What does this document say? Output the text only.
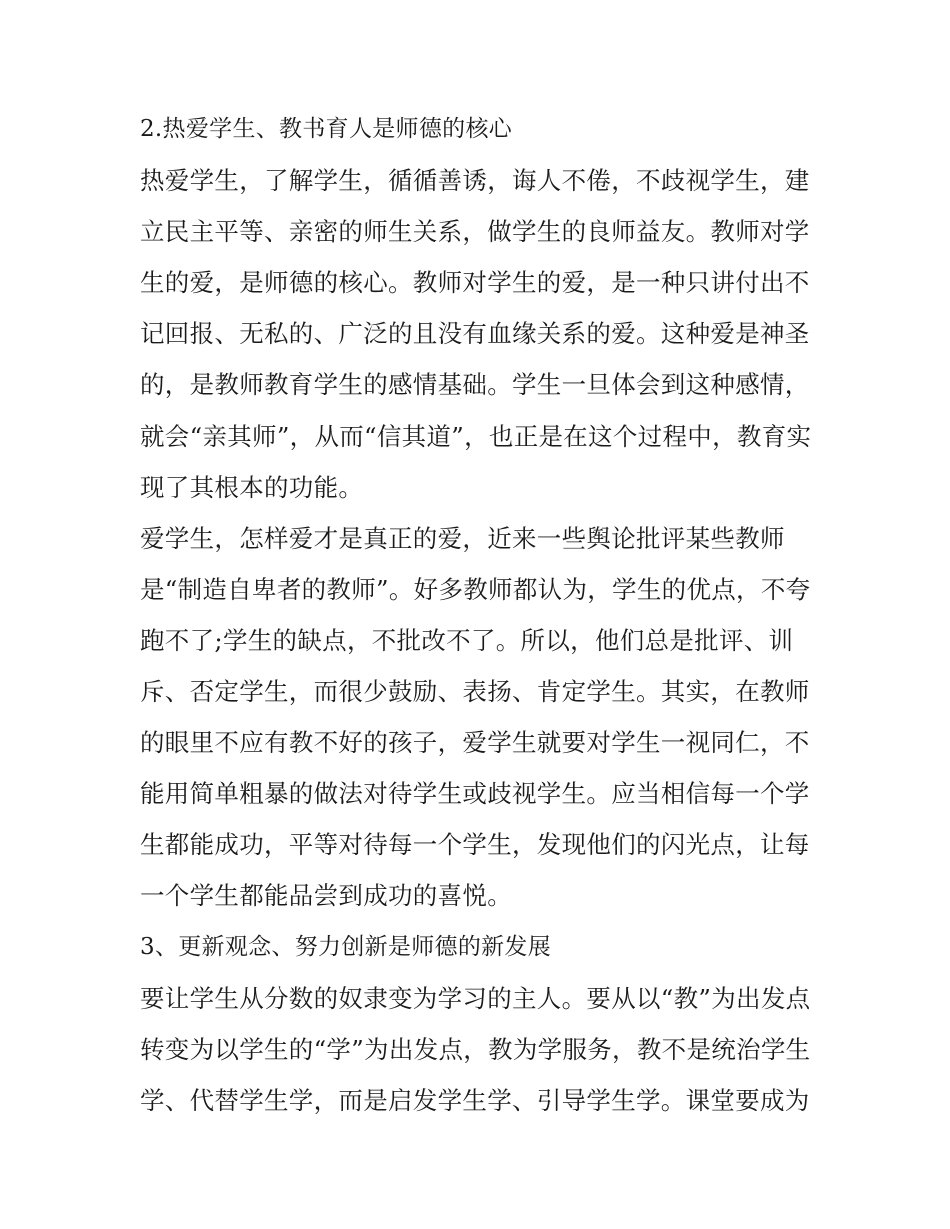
2.热爱学生、教书育人是师德的核心
热爱学生，了解学生，循循善诱，诲人不倦，不歧视学生，建
立民主平等、亲密的师生关系，做学生的良师益友。教师对学
生的爱，是师德的核心。教师对学生的爱，是一种只讲付出不
记回报、无私的、广泛的且没有血缘关系的爱。这种爱是神圣
的，是教师教育学生的感情基础。学生一旦体会到这种感情，
就会“亲其师”，从而“信其道”，也正是在这个过程中，教育实
现了其根本的功能。
爱学生，怎样爱才是真正的爱，近来一些舆论批评某些教师
是“制造自卑者的教师”。好多教师都认为，学生的优点，不夸
跑不了;学生的缺点，不批改不了。所以，他们总是批评、训
斥、否定学生，而很少鼓励、表扬、肯定学生。其实，在教师
的眼里不应有教不好的孩子，爱学生就要对学生一视同仁，不
能用简单粗暴的做法对待学生或歧视学生。应当相信每一个学
生都能成功，平等对待每一个学生，发现他们的闪光点，让每
一个学生都能品尝到成功的喜悦。
3、更新观念、努力创新是师德的新发展
要让学生从分数的奴隶变为学习的主人。要从以“教”为出发点
转变为以学生的“学”为出发点，教为学服务，教不是统治学生
学、代替学生学，而是启发学生学、引导学生学。课堂要成为
